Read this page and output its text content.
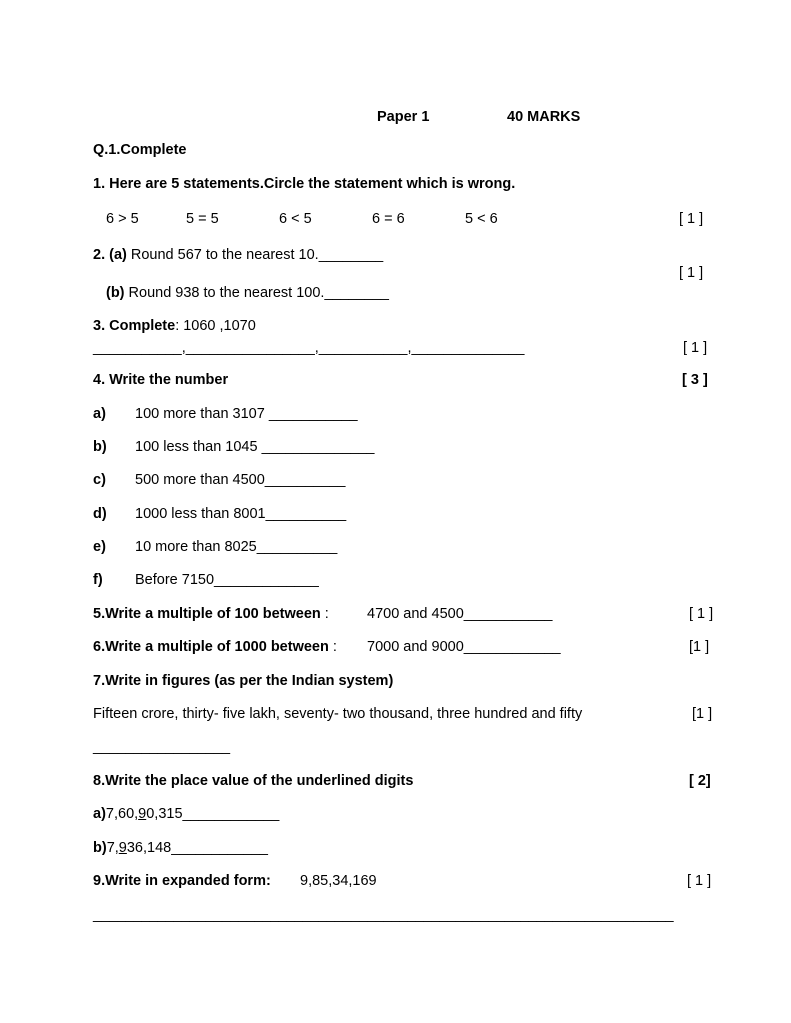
Paper 1	40 MARKS
Q.1.Complete
1. Here are 5 statements.Circle the statement which is wrong.
6 > 5	5 = 5	6 < 5	6 = 6	5 < 6	[ 1 ]
2. (a) Round 567 to the nearest 10.________
[ 1 ]
(b) Round 938 to the nearest 100.________
3. Complete: 1060 ,1070
___________,________________,___________,______________	[ 1 ]
4. Write the number	[ 3 ]
a) 100 more than 3107 ___________
b) 100 less than 1045 ______________
c) 500 more than 4500__________
d) 1000 less than 8001__________
e) 10 more than 8025__________
f) Before 7150_____________
5.Write a multiple of 100 between :	4700 and 4500___________	[ 1 ]
6.Write a multiple of 1000 between : 7000 and 9000____________	[1 ]
7.Write in figures (as per the Indian system)
Fifteen crore, thirty- five lakh, seventy- two thousand, three hundred and fifty	[1 ]
_________________
8.Write the place value of the underlined digits	[ 2]
a)7,60,90,315____________
b)7,936,148____________
9.Write in expanded form: 9,85,34,169	[ 1 ]
________________________________________________________________________
